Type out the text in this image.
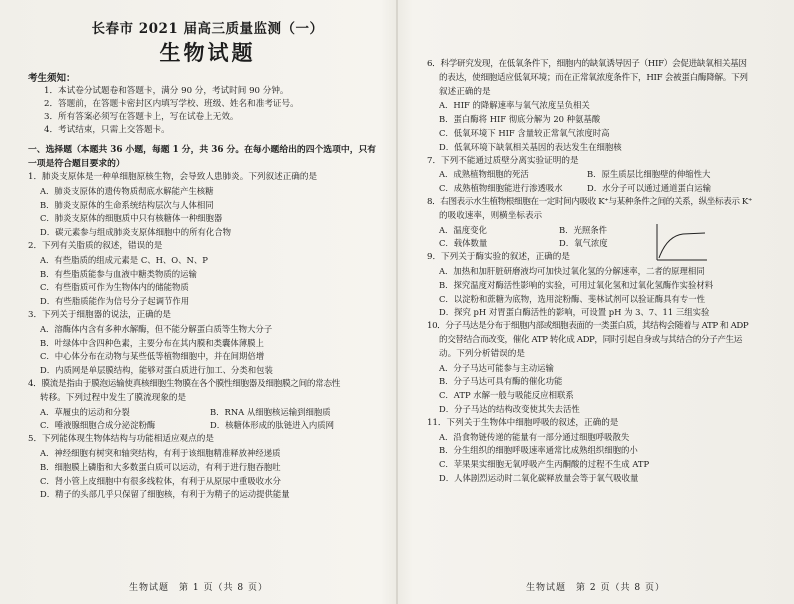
长春市 2021 届高三质量监测（一）
生物试题
考生须知：
1．本试卷分试题卷和答题卡，满分 90 分，考试时间 90 分钟。
2．答题前，在答题卡密封区内填写学校、班级、姓名和准考证号。
3．所有答案必须写在答题卡上，写在试卷上无效。
4．考试结束，只需上交答题卡。
一、选择题（本题共 36 小题，每题 1 分，共 36 分。在每小题给出的四个选项中，只有
一项是符合题目要求的）
1．肺炎支原体是一种单细胞原核生物，会导致人患肺炎。下列叙述正确的是
A．肺炎支原体的遗传物质彻底水解能产生核糖
B．肺炎支原体的生命系统结构层次与人体相同
C．肺炎支原体的细胞质中只有核糖体一种细胞器
D．碳元素参与组成肺炎支原体细胞中的所有化合物
2．下列有关脂质的叙述，错误的是
A．有些脂质的组成元素是 C、H、O、N、P
B．有些脂质能参与血液中糖类物质的运输
C．有些脂质可作为生物体内的储能物质
D．有些脂质能作为信号分子起调节作用
3．下列关于细胞器的说法，正确的是
A．溶酶体内含有多种水解酶，但不能分解蛋白质等生物大分子
B．叶绿体中含四种色素，主要分布在其内膜和类囊体薄膜上
C．中心体分布在动物与某些低等植物细胞中，并在间期倍增
D．内质网是单层膜结构，能够对蛋白质进行加工、分类和包装
4．膜流是指由于膜泡运输使真核细胞生物膜在各个膜性细胞器及细胞膜之间的常态性
转移。下列过程中发生了膜流现象的是
A．草履虫的运动和分裂	B．RNA 从细胞核运输到细胞质
C．唾液腺细胞合成分泌淀粉酶	D．核糖体形成的肽链进入内质网
5．下列能体现生物体结构与功能相适应观点的是
A．神经细胞有树突和轴突结构，有利于该细胞精准释放神经递质
B．细胞膜上磷脂和大多数蛋白质可以运动，有利于进行胞吞胞吐
C．肾小管上皮细胞中有很多线粒体，有利于从原尿中重吸收水分
D．精子的头部几乎只保留了细胞核，有利于为精子的运动提供能量
生物试题　第 1 页（共 8 页）
6．科学研究发现，在低氧条件下，细胞内的缺氧诱导因子（HIF）会促进缺氧相关基因
的表达，使细胞适应低氧环境；而在正常氧浓度条件下，HIF 会被蛋白酶降解。下列
叙述正确的是
A．HIF 的降解速率与氧气浓度呈负相关
B．蛋白酶将 HIF 彻底分解为 20 种氨基酸
C．低氧环境下 HIF 含量较正常氧气浓度时高
D．低氧环境下缺氧相关基因的表达发生在细胞核
7．下列不能通过质壁分离实验证明的是
A．成熟植物细胞的死活	B．原生质层比细胞壁的伸缩性大
C．成熟植物细胞能进行渗透吸水	D．水分子可以通过通道蛋白运输
8．右图表示水生植物根细胞在一定时间内吸收 K⁺与某种条件之间的关系，纵坐标表示 K⁺
的吸收速率，则横坐标表示
A．温度变化	B．光照条件
C．载体数量	D．氧气浓度
9．下列关于酶实验的叙述，正确的是
A．加热和加肝脏研磨液均可加快过氧化氢的分解速率，二者的原理相同
B．探究温度对酶活性影响的实验，可用过氧化氢和过氧化氢酶作实验材料
C．以淀粉和蔗糖为底物，选用淀粉酶、斐林试剂可以验证酶具有专一性
D．探究 pH 对胃蛋白酶活性的影响，可设置 pH 为 3、7、11 三组实验
10．分子马达是分布于细胞内部或细胞表面的一类蛋白质，其结构会随着与 ATP 和 ADP
的交替结合而改变，催化 ATP 转化成 ADP，同时引起自身或与其结合的分子产生运
动。下列分析错误的是
A．分子马达可能参与主动运输
B．分子马达可具有酶的催化功能
C．ATP 水解一般与吸能反应相联系
D．分子马达的结构改变使其失去活性
11．下列关于生物体中细胞呼吸的叙述，正确的是
A．沿食物链传递的能量有一部分通过细胞呼吸散失
B．分生组织的细胞呼吸速率通常比成熟组织细胞的小
C．苹果果实细胞无氧呼吸产生丙酮酸的过程不生成 ATP
D．人体剧烈运动时二氧化碳释放量会等于氧气吸收量
生物试题　第 2 页（共 8 页）
